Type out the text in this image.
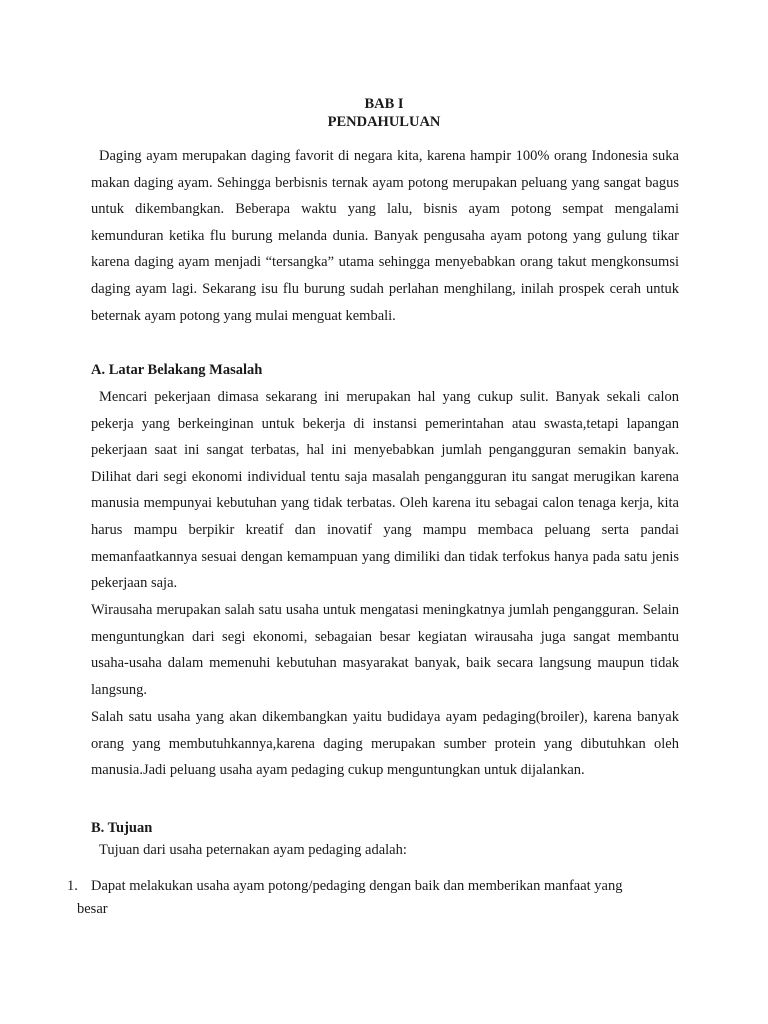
BAB I
PENDAHULUAN
Daging ayam merupakan daging favorit di negara kita, karena hampir 100% orang Indonesia suka makan daging ayam. Sehingga berbisnis ternak ayam potong merupakan peluang yang sangat bagus untuk dikembangkan. Beberapa waktu yang lalu, bisnis ayam potong sempat mengalami kemunduran ketika flu burung melanda dunia. Banyak pengusaha ayam potong yang gulung tikar karena daging ayam menjadi “tersangka” utama sehingga menyebabkan orang takut mengkonsumsi daging ayam lagi. Sekarang isu flu burung sudah perlahan menghilang, inilah prospek cerah untuk beternak ayam potong yang mulai menguat kembali.
A. Latar Belakang Masalah
Mencari pekerjaan dimasa sekarang ini merupakan hal yang cukup sulit. Banyak sekali calon pekerja yang berkeinginan untuk bekerja di instansi pemerintahan atau swasta,tetapi lapangan pekerjaan saat ini sangat terbatas, hal ini menyebabkan jumlah pengangguran semakin banyak. Dilihat dari segi ekonomi individual tentu saja masalah pengangguran itu sangat merugikan karena manusia mempunyai kebutuhan yang tidak terbatas. Oleh karena itu sebagai calon tenaga kerja, kita harus mampu berpikir kreatif dan inovatif yang mampu membaca peluang serta pandai memanfaatkannya sesuai dengan kemampuan yang dimiliki dan tidak terfokus hanya pada satu jenis pekerjaan saja.
Wirausaha merupakan salah satu usaha untuk mengatasi meningkatnya jumlah pengangguran. Selain menguntungkan dari segi ekonomi, sebagaian besar kegiatan wirausaha juga sangat membantu usaha-usaha dalam memenuhi kebutuhan masyarakat banyak, baik secara langsung maupun tidak langsung.
Salah satu usaha yang akan dikembangkan yaitu budidaya ayam pedaging(broiler), karena banyak orang yang membutuhkannya,karena daging merupakan sumber protein yang dibutuhkan oleh manusia.Jadi peluang usaha ayam pedaging cukup menguntungkan untuk dijalankan.
B. Tujuan
Tujuan dari usaha peternakan ayam pedaging adalah:
1. Dapat melakukan usaha ayam potong/pedaging dengan baik dan memberikan manfaat yang
besar
